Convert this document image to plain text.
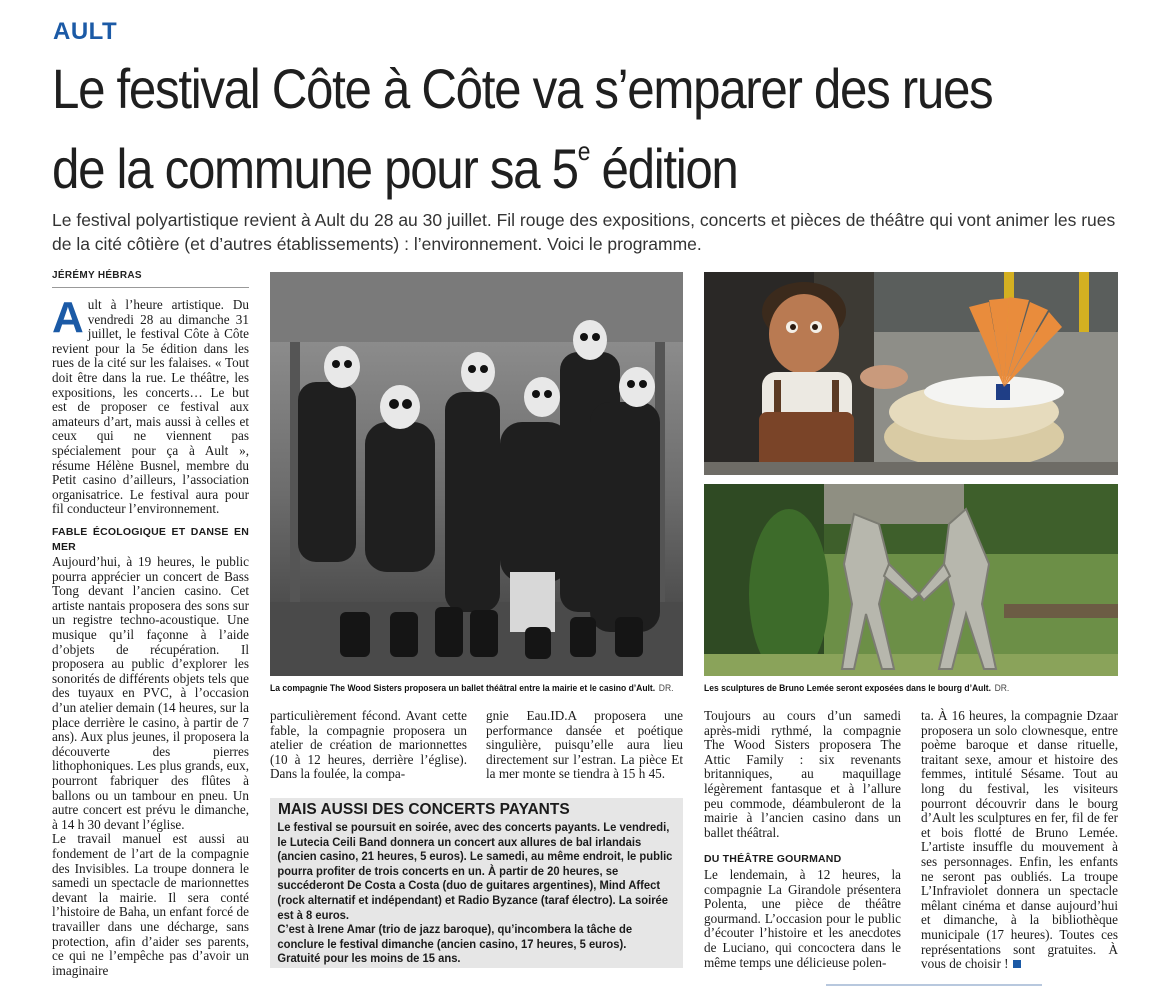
AULT
Le festival Côte à Côte va s’emparer des rues
de la commune pour sa 5e édition
Le festival polyartistique revient à Ault du 28 au 30 juillet. Fil rouge des expositions, concerts et pièces de théâtre qui vont animer les rues de la cité côtière (et d’autres établissements) : l’environnement. Voici le programme.
JÉRÉMY HÉBRAS
A ult à l’heure artistique. Du vendredi 28 au dimanche 31 juillet, le festival Côte à Côte revient pour la 5e édition dans les rues de la cité sur les falaises. « Tout doit être dans la rue. Le théâtre, les expositions, les concerts… Le but est de proposer ce festival aux amateurs d’art, mais aussi à celles et ceux qui ne viennent pas spécialement pour ça à Ault », résume Hélène Busnel, membre du Petit casino d’ailleurs, l’association organisatrice. Le festival aura pour fil conducteur l’environnement.

FABLE ÉCOLOGIQUE ET DANSE EN MER

Aujourd’hui, à 19 heures, le public pourra apprécier un concert de Bass Tong devant l’ancien casino. Cet artiste nantais proposera des sons sur un registre techno-acoustique. Une musique qu’il façonne à l’aide d’objets de récupération. Il proposera au public d’explorer les sonorités de différents objets tels que des tuyaux en PVC, à l’occasion d’un atelier demain (14 heures, sur la place derrière le casino, à partir de 7 ans). Aux plus jeunes, il proposera la découverte des pierres lithophoniques. Les plus grands, eux, pourront fabriquer des flûtes à ballons ou un tambour en pneu. Un autre concert est prévu le dimanche, à 14 h 30 devant l’église.

Le travail manuel est aussi au fondement de l’art de la compagnie des Invisibles. La troupe donnera le samedi un spectacle de marionnettes devant la mairie. Il sera conté l’histoire de Baha, un enfant forcé de travailler dans une décharge, sans protection, afin d’aider ses parents, ce qui ne l’empêche pas d’avoir un imaginaire

La compagnie The Wood Sisters proposera un ballet théâtral entre la mairie et le casino d’Ault. DR.	Les sculptures de Bruno Lemée seront exposées dans le bourg d’Ault. DR.

particulièrement fécond. Avant cette fable, la compagnie proposera un atelier de création de marionnettes (10 à 12 heures, derrière l’église). Dans la foulée, la compa-

gnie Eau.ID.A proposera une performance dansée et poétique singulière, puisqu’elle aura lieu directement sur l’estran. La pièce Et la mer monte se tiendra à 15 h 45.

MAIS AUSSI DES CONCERTS PAYANTS

Le festival se poursuit en soirée, avec des concerts payants. Le vendredi, le Lutecia Ceili Band donnera un concert aux allures de bal irlandais (ancien casino, 21 heures, 5 euros). Le samedi, au même endroit, le public pourra profiter de trois concerts en un. À partir de 20 heures, se succéderont De Costa a Costa (duo de guitares argentines), Mind Affect (rock alternatif et indépendant) et Radio Byzance (taraf électro). La soirée est à 8 euros.

C’est à Irene Amar (trio de jazz baroque), qu’incombera la tâche de conclure le festival dimanche (ancien casino, 17 heures, 5 euros).

Gratuité pour les moins de 15 ans.

Toujours au cours d’un samedi après-midi rythmé, la compagnie The Wood Sisters proposera The Attic Family : six revenants britanniques, au maquillage légèrement fantasque et à l’allure peu commode, déambuleront de la mairie à l’ancien casino dans un ballet théâtral.

DU THÉÂTRE GOURMAND

Le lendemain, à 12 heures, la compagnie La Girandole présentera Polenta, une pièce de théâtre gourmand. L’occasion pour le public d’écouter l’histoire et les anecdotes de Luciano, qui concoctera dans le même temps une délicieuse polen-

ta. À 16 heures, la compagnie Dzaar proposera un solo clownesque, entre poème baroque et danse rituelle, traitant sexe, amour et histoire des femmes, intitulé Sésame. Tout au long du festival, les visiteurs pourront découvrir dans le bourg d’Ault les sculptures en fer, fil de fer et bois flotté de Bruno Lemée. L’artiste insuffle du mouvement à ses personnages. Enfin, les enfants ne seront pas oubliés. La troupe L’Infraviolet donnera un spectacle mêlant cinéma et danse aujourd’hui et dimanche, à la bibliothèque municipale (17 heures). Toutes ces représentations sont gratuites. À vous de choisir !
